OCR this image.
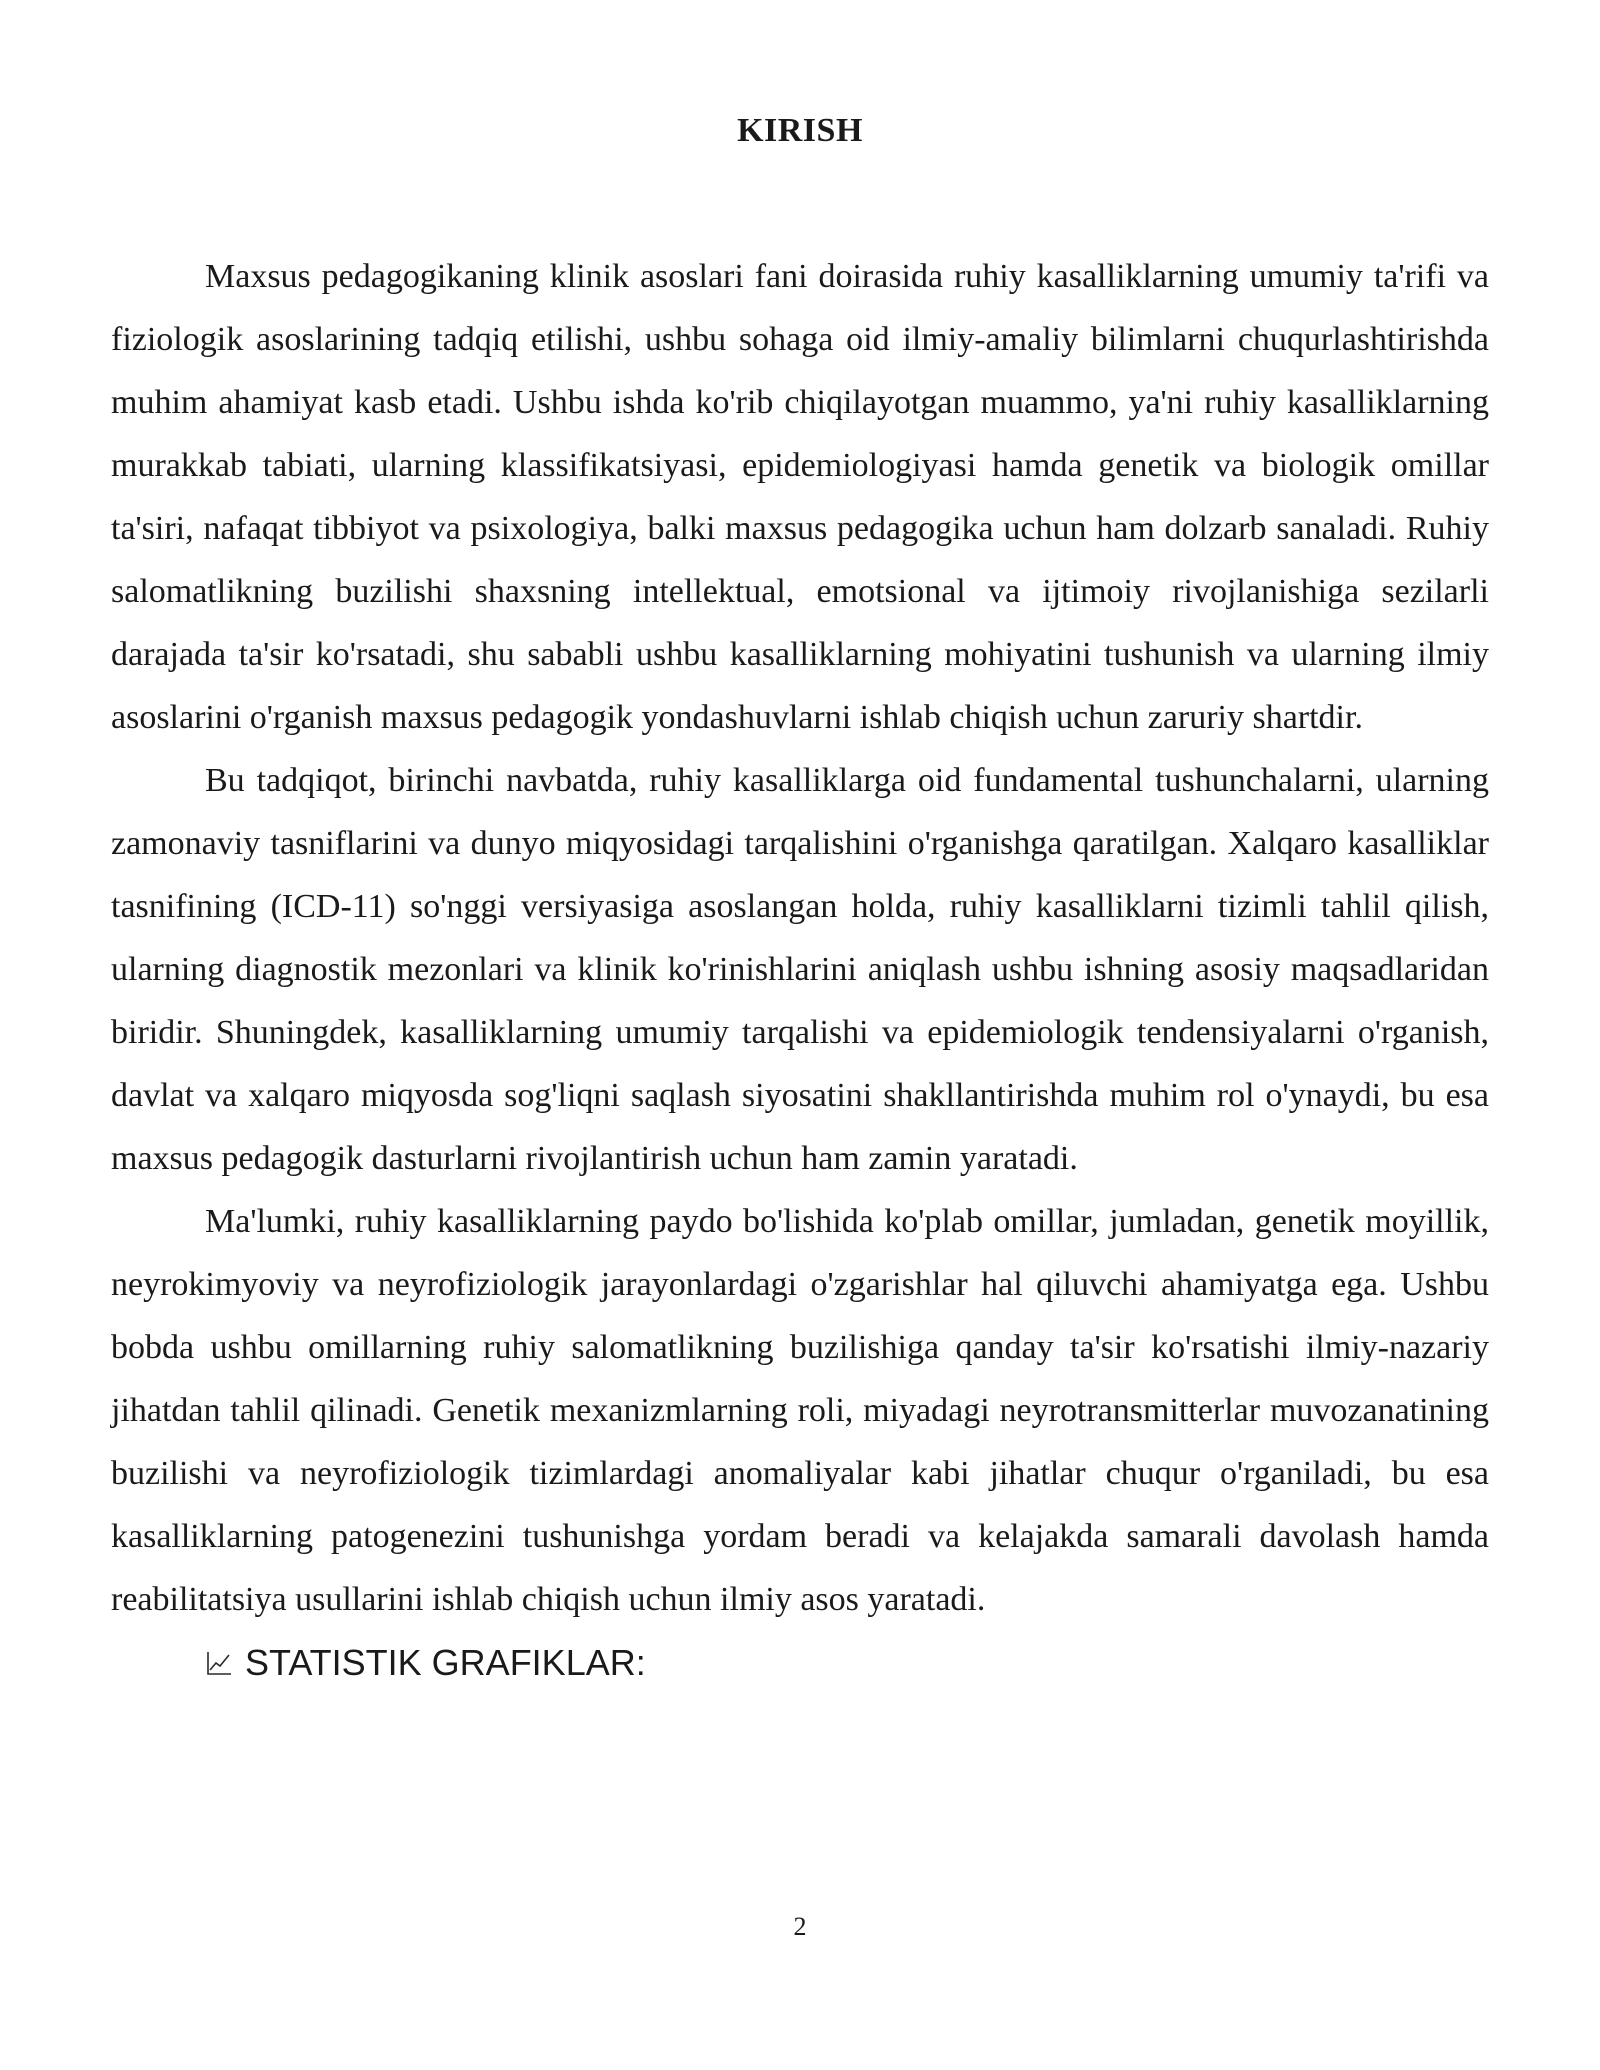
KIRISH

Maxsus pedagogikaning klinik asoslari fani doirasida ruhiy kasalliklarning umumiy ta'rifi va fiziologik asoslarining tadqiq etilishi, ushbu sohaga oid ilmiy-amaliy bilimlarni chuqurlashtirishda muhim ahamiyat kasb etadi. Ushbu ishda ko'rib chiqilayotgan muammo, ya'ni ruhiy kasalliklarning murakkab tabiati, ularning klassifikatsiyasi, epidemiologiyasi hamda genetik va biologik omillar ta'siri, nafaqat tibbiyot va psixologiya, balki maxsus pedagogika uchun ham dolzarb sanaladi. Ruhiy salomatlikning buzilishi shaxsning intellektual, emotsional va ijtimoiy rivojlanishiga sezilarli darajada ta'sir ko'rsatadi, shu sababli ushbu kasalliklarning mohiyatini tushunish va ularning ilmiy asoslarini o'rganish maxsus pedagogik yondashuvlarni ishlab chiqish uchun zaruriy shartdir.

Bu tadqiqot, birinchi navbatda, ruhiy kasalliklarga oid fundamental tushunchalarni, ularning zamonaviy tasniflarini va dunyo miqyosidagi tarqalishini o'rganishga qaratilgan. Xalqaro kasalliklar tasnifining (ICD-11) so'nggi versiyasiga asoslangan holda, ruhiy kasalliklarni tizimli tahlil qilish, ularning diagnostik mezonlari va klinik ko'rinishlarini aniqlash ushbu ishning asosiy maqsadlaridan biridir. Shuningdek, kasalliklarning umumiy tarqalishi va epidemiologik tendensiyalarni o'rganish, davlat va xalqaro miqyosda sog'liqni saqlash siyosatini shakllantirishda muhim rol o'ynaydi, bu esa maxsus pedagogik dasturlarni rivojlantirish uchun ham zamin yaratadi.

Ma'lumki, ruhiy kasalliklarning paydo bo'lishida ko'plab omillar, jumladan, genetik moyillik, neyrokimyoviy va neyrofiziologik jarayonlardagi o'zgarishlar hal qiluvchi ahamiyatga ega. Ushbu bobda ushbu omillarning ruhiy salomatlikning buzilishiga qanday ta'sir ko'rsatishi ilmiy-nazariy jihatdan tahlil qilinadi. Genetik mexanizmlarning roli, miyadagi neyrotransmitterlar muvozanatining buzilishi va neyrofiziologik tizimlardagi anomaliyalar kabi jihatlar chuqur o'rganiladi, bu esa kasalliklarning patogenezini tushunishga yordam beradi va kelajakda samarali davolash hamda reabilitatsiya usullarini ishlab chiqish uchun ilmiy asos yaratadi.

STATISTIK GRAFIKLAR:

2
